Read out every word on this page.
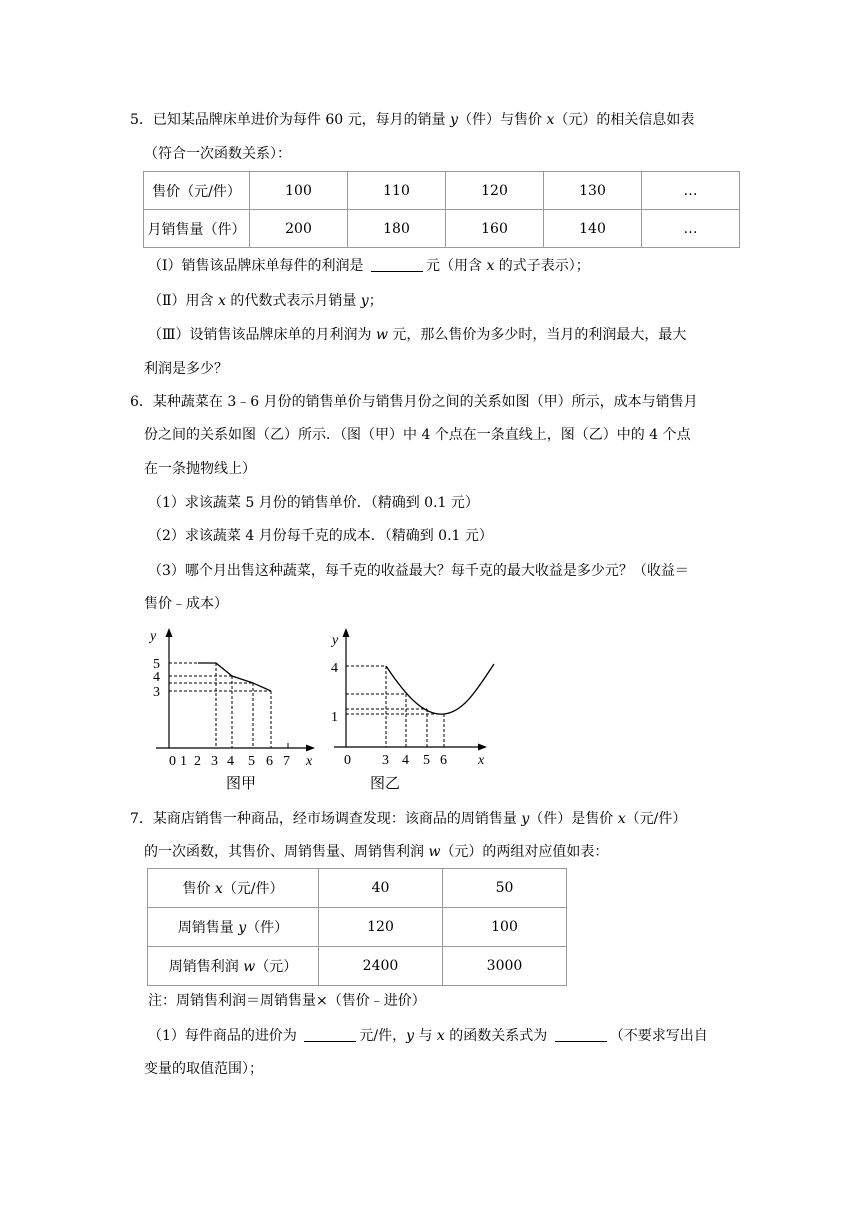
5．已知某品牌床单进价为每件 60 元，每月的销量 y（件）与售价 x（元）的相关信息如表
（符合一次函数关系）：
售价（元/件）	100	110	120	130	…
月销售量（件）	200	180	160	140	…
（Ⅰ）销售该品牌床单每件的利润是	元（用含 x 的式子表示）；
（Ⅱ）用含 x 的代数式表示月销量 y；
（Ⅲ）设销售该品牌床单的月利润为 w 元，那么售价为多少时，当月的利润最大，最大
利润是多少？
6．某种蔬菜在 3﹣6 月份的销售单价与销售月份之间的关系如图（甲）所示，成本与销售月
份之间的关系如图（乙）所示．（图（甲）中 4 个点在一条直线上，图（乙）中的 4 个点
在一条抛物线上）
（1）求该蔬菜 5 月份的销售单价．（精确到 0.1 元）
（2）求该蔬菜 4 月份每千克的成本．（精确到 0.1 元）
（3）哪个月出售这种蔬菜，每千克的收益最大？每千克的最大收益是多少元？（收益＝
售价﹣成本）
y
5
4
3
0 1 2 3 4 5 6 7 x
图甲
y
4
1
0 3 4 5 6 x
图乙
7．某商店销售一种商品，经市场调查发现：该商品的周销售量 y（件）是售价 x（元/件）
的一次函数，其售价、周销售量、周销售利润 w（元）的两组对应值如表：
售价 x（元/件）	40	50
周销售量 y（件）	120	100
周销售利润 w（元）	2400	3000
注：周销售利润＝周销售量×（售价﹣进价）
（1）每件商品的进价为	元/件，y 与 x 的函数关系式为	（不要求写出自
变量的取值范围）；
